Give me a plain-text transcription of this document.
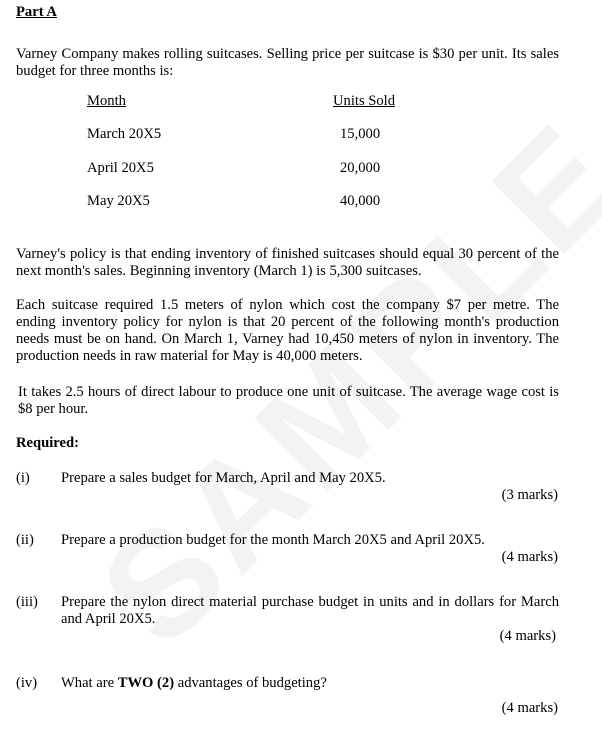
Part A
Varney Company makes rolling suitcases. Selling price per suitcase is $30 per unit. Its sales budget for three months is:
Month	Units Sold
March 20X5	15,000
April 20X5	20,000
May 20X5	40,000
Varney's policy is that ending inventory of finished suitcases should equal 30 percent of the next month's sales. Beginning inventory (March 1) is 5,300 suitcases.
Each suitcase required 1.5 meters of nylon which cost the company $7 per metre. The ending inventory policy for nylon is that 20 percent of the following month's production needs must be on hand. On March 1, Varney had 10,450 meters of nylon in inventory. The production needs in raw material for May is 40,000 meters.
It takes 2.5 hours of direct labour to produce one unit of suitcase. The average wage cost is $8 per hour.
Required:
(i) Prepare a sales budget for March, April and May 20X5.
(3 marks)
(ii) Prepare a production budget for the month March 20X5 and April 20X5.
(4 marks)
(iii) Prepare the nylon direct material purchase budget in units and in dollars for March and April 20X5.
(4 marks)
(iv) What are TWO (2) advantages of budgeting?
(4 marks)
